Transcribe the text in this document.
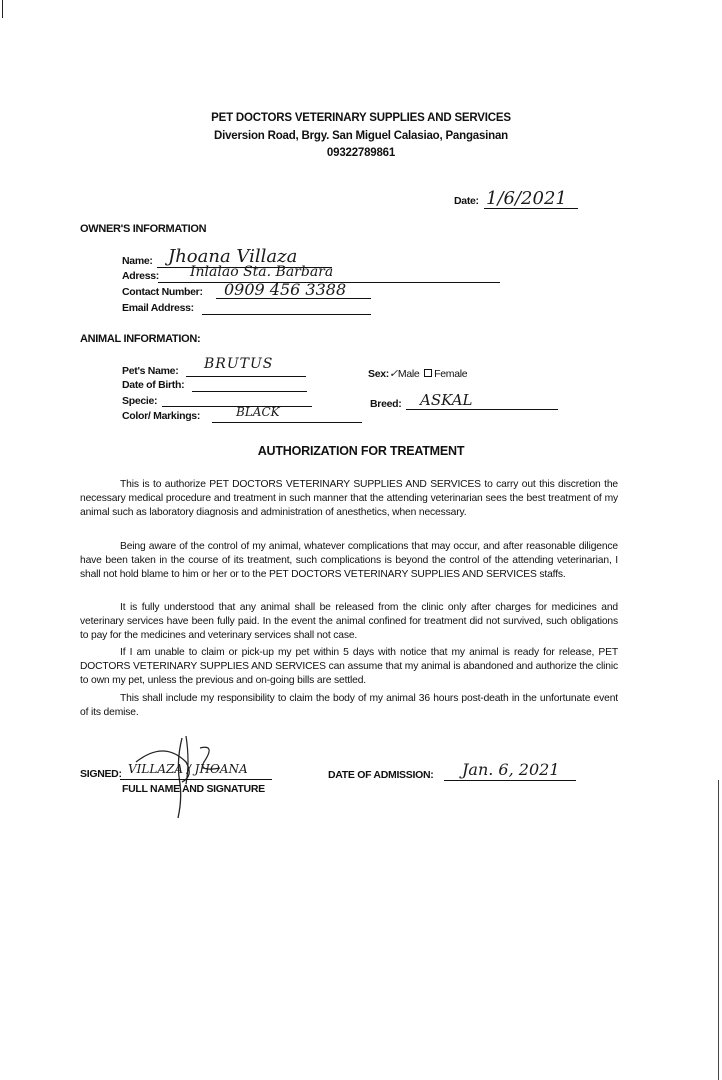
PET DOCTORS VETERINARY SUPPLIES AND SERVICES
Diversion Road, Brgy. San Miguel Calasiao, Pangasinan
09322789861
Date: 1/6/2021
OWNER'S INFORMATION
Name: Jhoana Villaza
Adress: Inlalao Sta. Barbara
Contact Number: 0909 456 3388
Email Address:
ANIMAL INFORMATION:
Pet's Name: BRUTUS
Date of Birth:
Specie:
Color/ Markings:	BLACK
Sex:✓Male Female
Breed: ASKAL
AUTHORIZATION FOR TREATMENT

This is to authorize PET DOCTORS VETERINARY SUPPLIES AND SERVICES to carry out this discretion the necessary medical procedure and treatment in such manner that the attending veterinarian sees the best treatment of my animal such as laboratory diagnosis and administration of anesthetics, when necessary.

Being aware of the control of my animal, whatever complications that may occur, and after reasonable diligence have been taken in the course of its treatment, such complications is beyond the control of the attending veterinarian, I shall not hold blame to him or her or to the PET DOCTORS VETERINARY SUPPLIES AND SERVICES staffs.

It is fully understood that any animal shall be released from the clinic only after charges for medicines and veterinary services have been fully paid. In the event the animal confined for treatment did not survived, such obligations to pay for the medicines and veterinary services shall not case.

If I am unable to claim or pick-up my pet within 5 days with notice that my animal is ready for release, PET DOCTORS VETERINARY SUPPLIES AND SERVICES can assume that my animal is abandoned and authorize the clinic to own my pet, unless the previous and on-going bills are settled.

This shall include my responsibility to claim the body of my animal 36 hours post-death in the unfortunate event of its demise.

SIGNED: VILLAZA / JHOANA
FULL NAME AND SIGNATURE
DATE OF ADMISSION: Jan. 6, 2021
